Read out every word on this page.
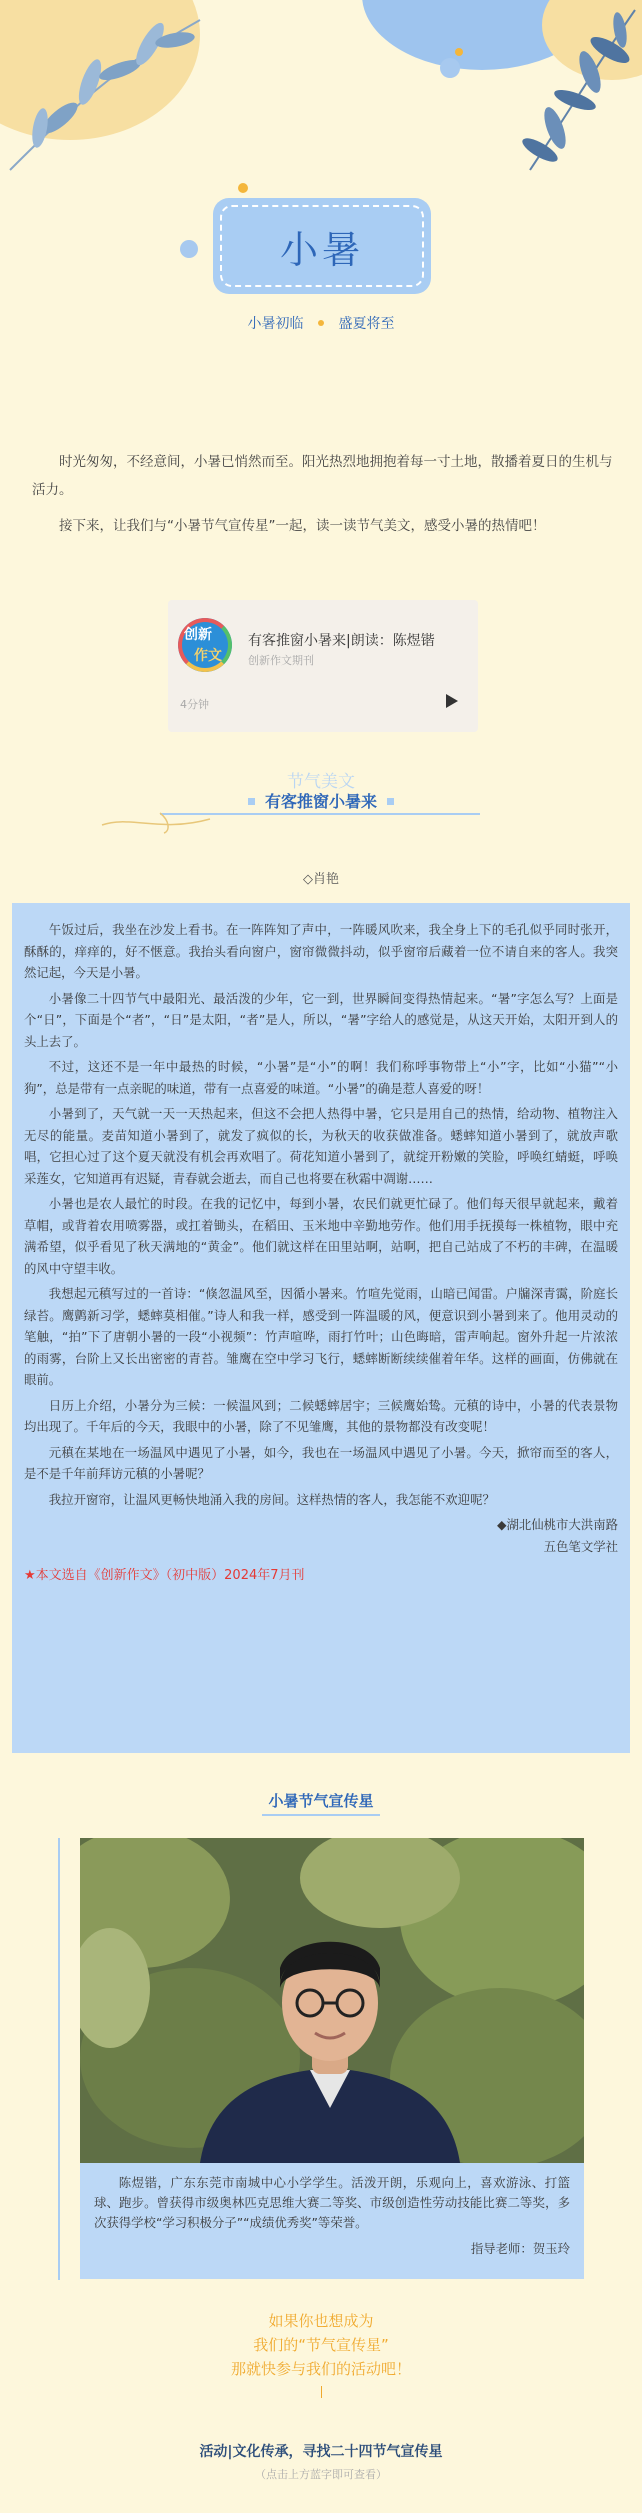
小暑
小暑初临 盛夏将至

时光匆匆，不经意间，小暑已悄然而至。阳光热烈地拥抱着每一寸土地，散播着夏日的生机与活力。

接下来，让我们与“小暑节气宣传星”一起，读一读节气美文，感受小暑的热情吧！

创新
作文
有客推窗小暑来|朗读：陈煜锴
创新作文期刊
4分钟
节气美文
有客推窗小暑来
◇肖艳

午饭过后，我坐在沙发上看书。在一阵阵知了声中，一阵暖风吹来，我全身上下的毛孔似乎同时张开，酥酥的，痒痒的，好不惬意。我抬头看向窗户，窗帘微微抖动，似乎窗帘后藏着一位不请自来的客人。我突然记起，今天是小暑。

小暑像二十四节气中最阳光、最活泼的少年，它一到，世界瞬间变得热情起来。“暑”字怎么写？上面是个“日”，下面是个“者”，“日”是太阳，“者”是人，所以，“暑”字给人的感觉是，从这天开始，太阳开到人的头上去了。

不过，这还不是一年中最热的时候，“小暑”是“小”的啊！我们称呼事物带上“小”字，比如“小猫”“小狗”，总是带有一点亲昵的味道，带有一点喜爱的味道。“小暑”的确是惹人喜爱的呀！

小暑到了，天气就一天一天热起来，但这不会把人热得中暑，它只是用自己的热情，给动物、植物注入无尽的能量。麦苗知道小暑到了，就发了疯似的长，为秋天的收获做准备。蟋蟀知道小暑到了，就放声歌唱，它担心过了这个夏天就没有机会再欢唱了。荷花知道小暑到了，就绽开粉嫩的笑脸，呼唤红蜻蜓，呼唤采莲女，它知道再有迟疑，青春就会逝去，而自己也将要在秋霜中凋谢……

小暑也是农人最忙的时段。在我的记忆中，每到小暑，农民们就更忙碌了。他们每天很早就起来，戴着草帽，或背着农用喷雾器，或扛着锄头，在稻田、玉米地中辛勤地劳作。他们用手抚摸每一株植物，眼中充满希望，似乎看见了秋天满地的“黄金”。他们就这样在田里站啊，站啊，把自己站成了不朽的丰碑，在温暖的风中守望丰收。

我想起元稹写过的一首诗：“倏忽温风至，因循小暑来。竹喧先觉雨，山暗已闻雷。户牖深青霭，阶庭长绿苔。鹰鹯新习学，蟋蟀莫相催。”诗人和我一样，感受到一阵温暖的风，便意识到小暑到来了。他用灵动的笔触，“拍”下了唐朝小暑的一段“小视频”：竹声喧哗，雨打竹叶；山色晦暗，雷声响起。窗外升起一片浓浓的雨雾，台阶上又长出密密的青苔。雏鹰在空中学习飞行，蟋蟀断断续续催着年华。这样的画面，仿佛就在眼前。

日历上介绍，小暑分为三候：一候温风到；二候蟋蟀居宇；三候鹰始鸷。元稹的诗中，小暑的代表景物均出现了。千年后的今天，我眼中的小暑，除了不见雏鹰，其他的景物都没有改变呢！

元稹在某地在一场温风中遇见了小暑，如今，我也在一场温风中遇见了小暑。今天，掀帘而至的客人，是不是千年前拜访元稹的小暑呢？

我拉开窗帘，让温风更畅快地涌入我的房间。这样热情的客人，我怎能不欢迎呢？

◆湖北仙桃市大洪南路

五色笔文学社

★本文选自《创新作文》（初中版）2024年7月刊

小暑节气宣传星

陈煜锴，广东东莞市南城中心小学学生。活泼开朗，乐观向上，喜欢游泳、打篮球、跑步。曾获得市级奥林匹克思维大赛二等奖、市级创造性劳动技能比赛二等奖，多次获得学校“学习积极分子”“成绩优秀奖”等荣誉。

指导老师：贺玉玲

如果你也想成为
我们的“节气宣传星”
那就快参与我们的活动吧！
活动|文化传承，寻找二十四节气宣传星
（点击上方蓝字即可查看）
